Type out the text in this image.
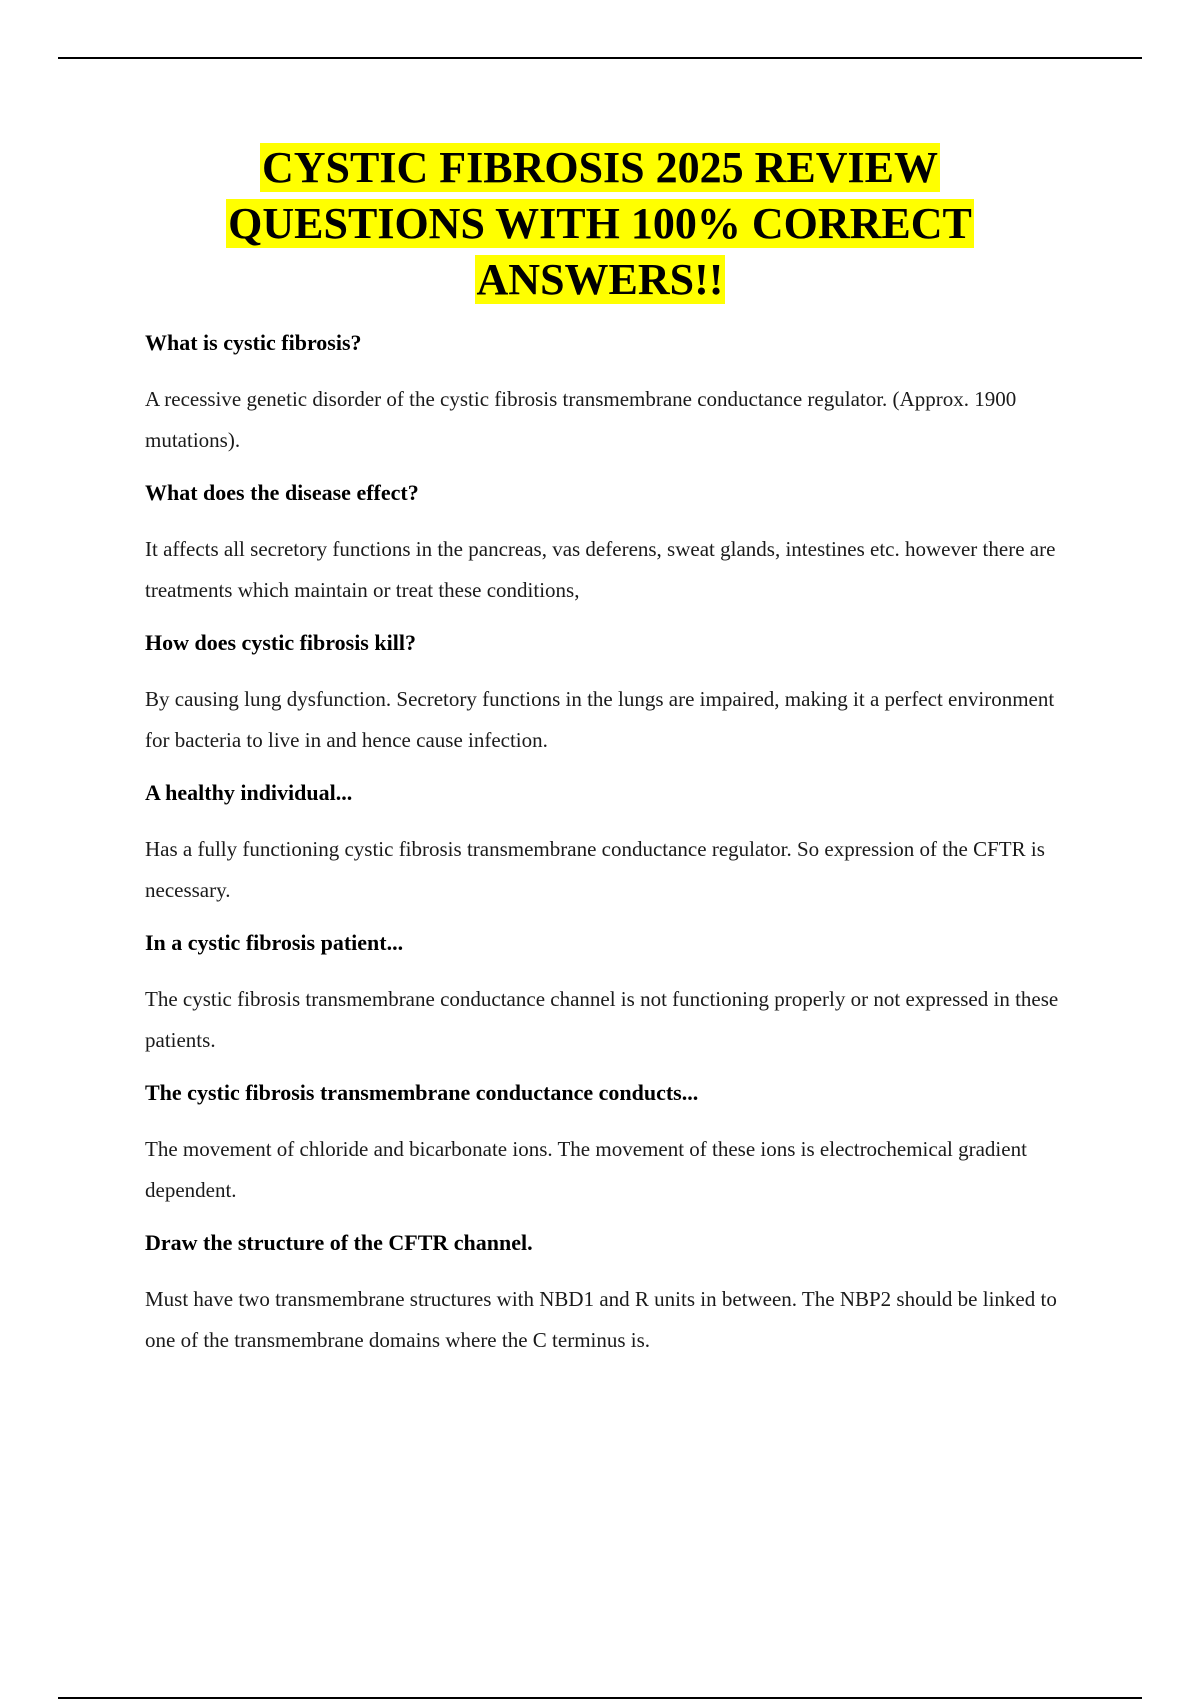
CYSTIC FIBROSIS 2025 REVIEW
QUESTIONS WITH 100% CORRECT
ANSWERS!!

What is cystic fibrosis?

A recessive genetic disorder of the cystic fibrosis transmembrane conductance regulator. (Approx. 1900 mutations).

What does the disease effect?

It affects all secretory functions in the pancreas, vas deferens, sweat glands, intestines etc. however there are treatments which maintain or treat these conditions,

How does cystic fibrosis kill?

By causing lung dysfunction. Secretory functions in the lungs are impaired, making it a perfect environment for bacteria to live in and hence cause infection.

A healthy individual...

Has a fully functioning cystic fibrosis transmembrane conductance regulator. So expression of the CFTR is necessary.

In a cystic fibrosis patient...

The cystic fibrosis transmembrane conductance channel is not functioning properly or not expressed in these patients.

The cystic fibrosis transmembrane conductance conducts...

The movement of chloride and bicarbonate ions. The movement of these ions is electrochemical gradient dependent.

Draw the structure of the CFTR channel.

Must have two transmembrane structures with NBD1 and R units in between. The NBP2 should be linked to one of the transmembrane domains where the C terminus is.
